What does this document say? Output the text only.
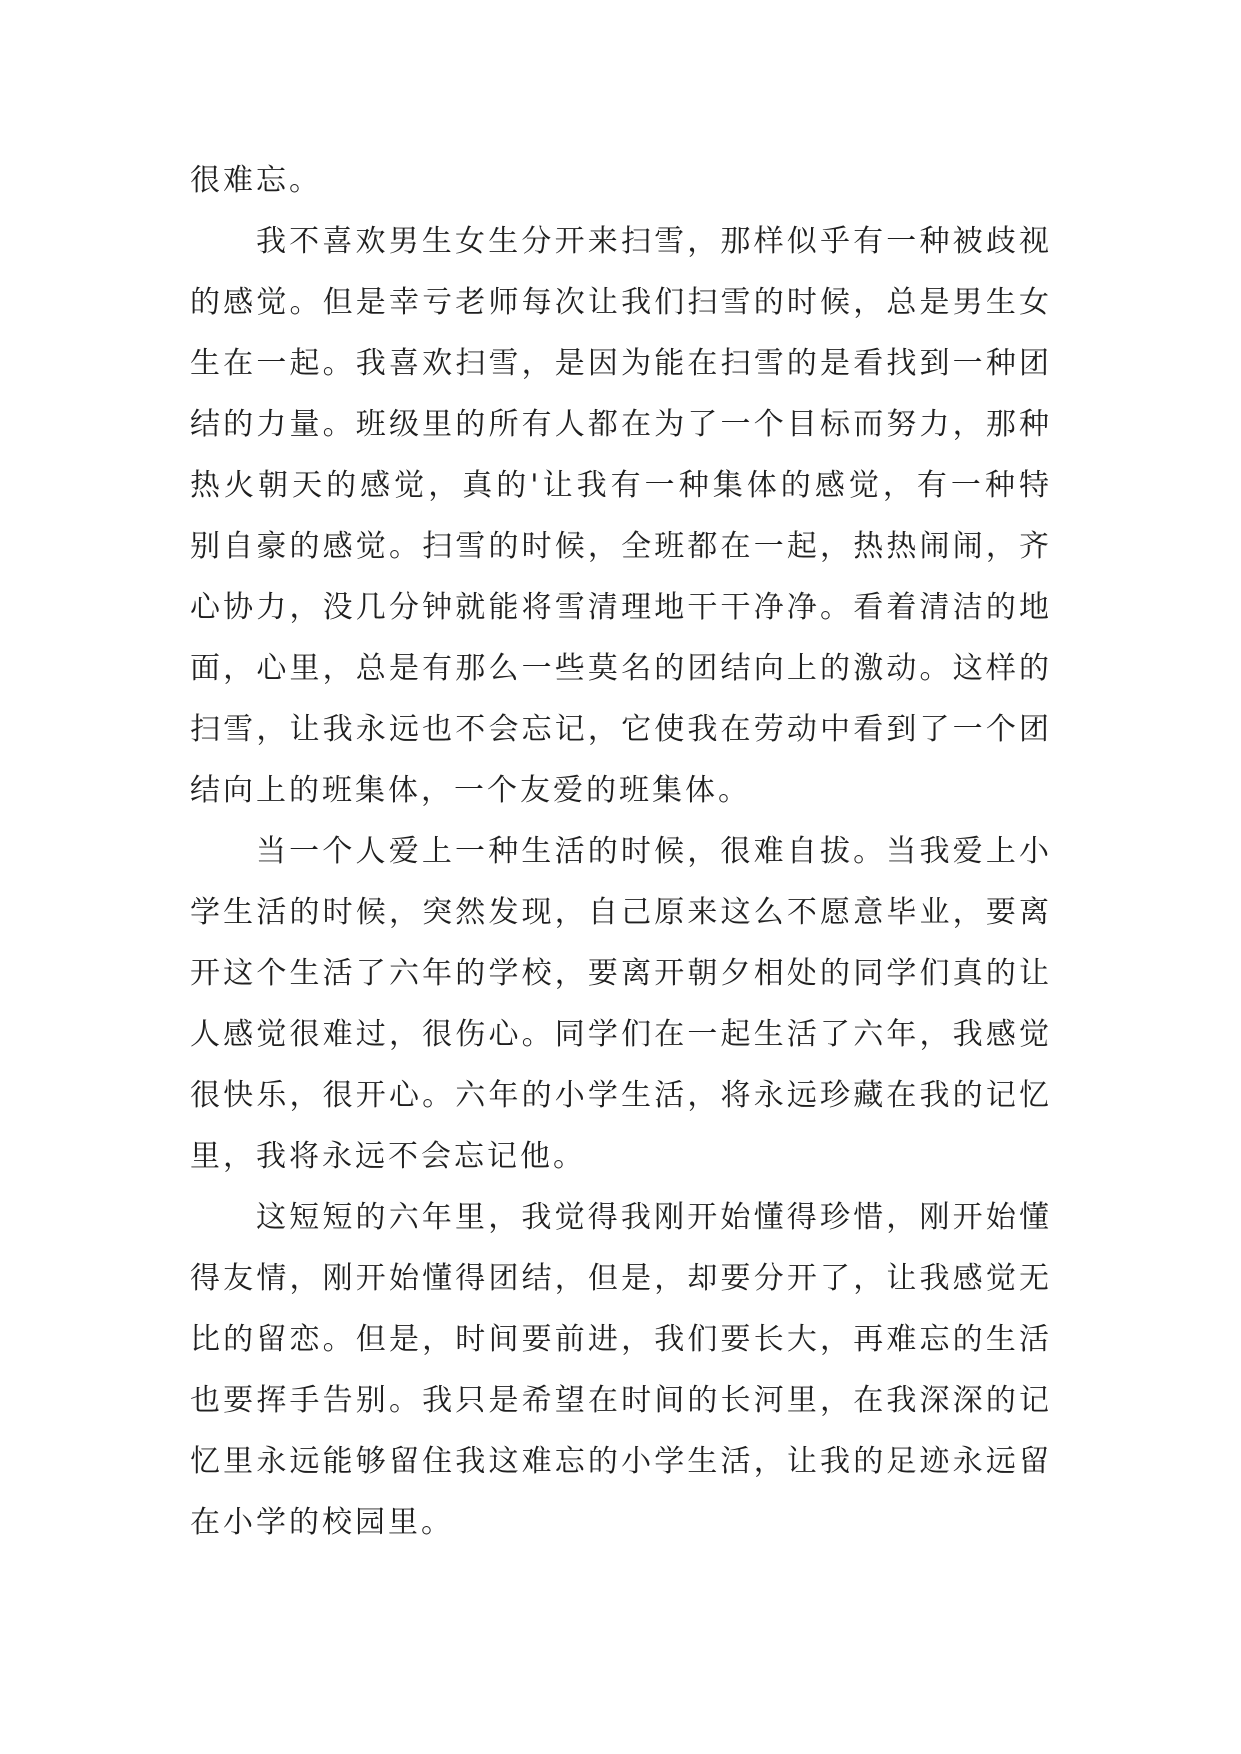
很难忘。

我不喜欢男生女生分开来扫雪，那样似乎有一种被歧视的感觉。但是幸亏老师每次让我们扫雪的时候，总是男生女生在一起。我喜欢扫雪，是因为能在扫雪的是看找到一种团结的力量。班级里的所有人都在为了一个目标而努力，那种热火朝天的感觉，真的'让我有一种集体的感觉，有一种特别自豪的感觉。扫雪的时候，全班都在一起，热热闹闹，齐心协力，没几分钟就能将雪清理地干干净净。看着清洁的地面，心里，总是有那么一些莫名的团结向上的激动。这样的扫雪，让我永远也不会忘记，它使我在劳动中看到了一个团结向上的班集体，一个友爱的班集体。

当一个人爱上一种生活的时候，很难自拔。当我爱上小学生活的时候，突然发现，自己原来这么不愿意毕业，要离开这个生活了六年的学校，要离开朝夕相处的同学们真的让人感觉很难过，很伤心。同学们在一起生活了六年，我感觉很快乐，很开心。六年的小学生活，将永远珍藏在我的记忆里，我将永远不会忘记他。

这短短的六年里，我觉得我刚开始懂得珍惜，刚开始懂得友情，刚开始懂得团结，但是，却要分开了，让我感觉无比的留恋。但是，时间要前进，我们要长大，再难忘的生活也要挥手告别。我只是希望在时间的长河里，在我深深的记忆里永远能够留住我这难忘的小学生活，让我的足迹永远留在小学的校园里。
